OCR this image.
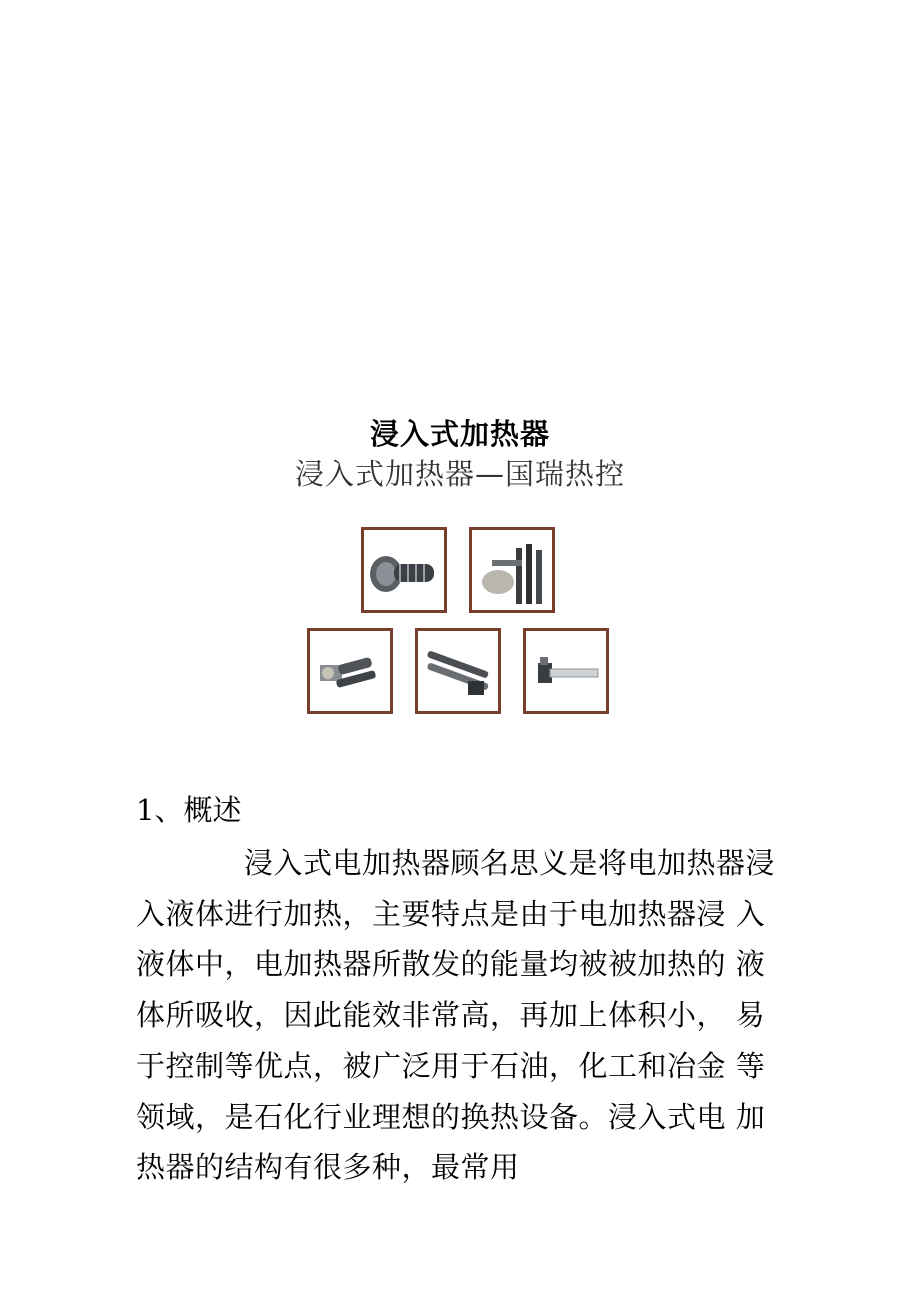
浸入式加热器
浸入式加热器—国瑞热控
1、概述
浸入式电加热器顾名思义是将电加热器浸入液体进行加热，主要特点是由于电加热器浸 入液体中，电加热器所散发的能量均被被加热的 液体所吸收，因此能效非常高，再加上体积小， 易于控制等优点，被广泛用于石油，化工和冶金 等领域，是石化行业理想的换热设备。浸入式电 加热器的结构有很多种，最常用
